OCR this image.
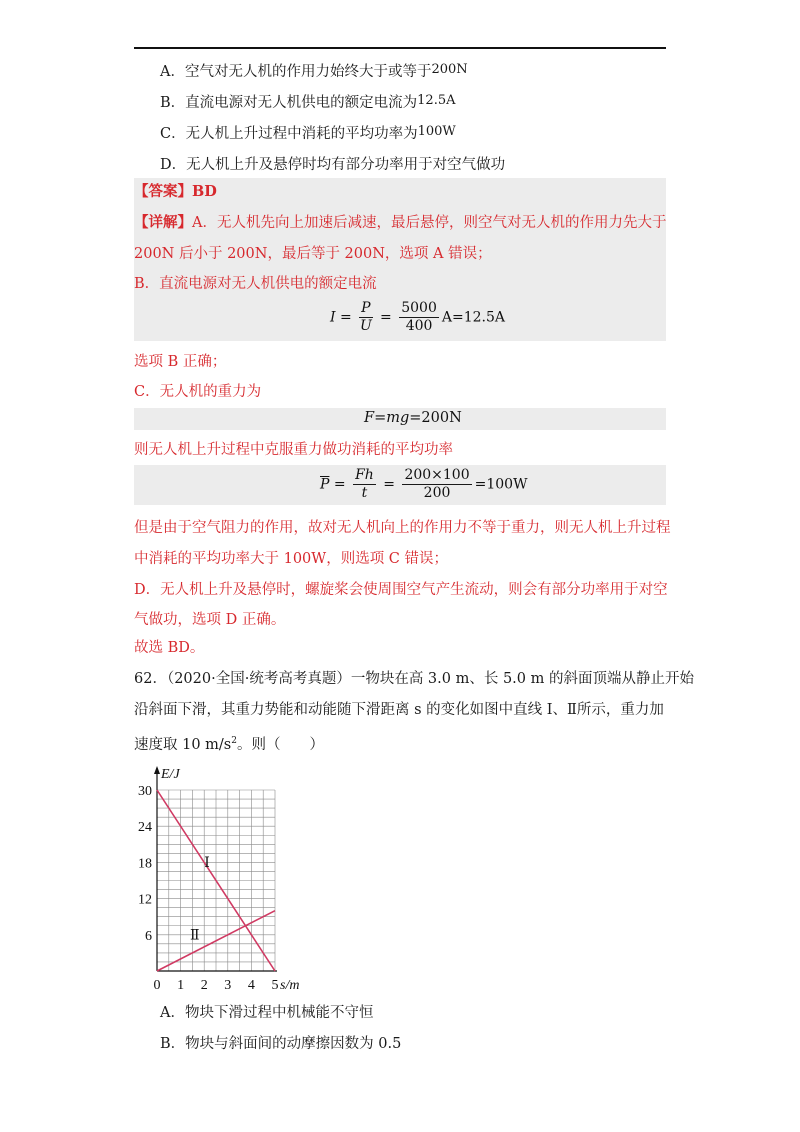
A．空气对无人机的作用力始终大于或等于200N
B．直流电源对无人机供电的额定电流为12.5A
C．无人机上升过程中消耗的平均功率为100W
D．无人机上升及悬停时均有部分功率用于对空气做功
【答案】BD
【详解】A．无人机先向上加速后减速，最后悬停，则空气对无人机的作用力先大于
200N 后小于 200N，最后等于 200N，选项 A 错误；
B．直流电源对无人机供电的额定电流
$I = \frac{P}{U} = \frac{5000}{400} A=12.5A$
选项 B 正确；
C．无人机的重力为
F=mg=200N
则无人机上升过程中克服重力做功消耗的平均功率
$\overline{P} = \frac{Fh}{t} = \frac{200\times 100}{200} =100W$
但是由于空气阻力的作用，故对无人机向上的作用力不等于重力，则无人机上升过程
中消耗的平均功率大于 100W，则选项 C 错误；
D．无人机上升及悬停时，螺旋桨会使周围空气产生流动，则会有部分功率用于对空
气做功，选项 D 正确。
故选 BD。
62．（2020·全国·统考高考真题）一物块在高 3.0 m、长 5.0 m 的斜面顶端从静止开始
沿斜面下滑，其重力势能和动能随下滑距离 s 的变化如图中直线 Ⅰ、Ⅱ所示，重力加
速度取 10 $m/s^2$。则（　　）
0 1 2 3 4 5
6
12
18
24
30
E/J
s/m
Ⅰ
Ⅱ
A．物块下滑过程中机械能不守恒
B．物块与斜面间的动摩擦因数为 0.5
